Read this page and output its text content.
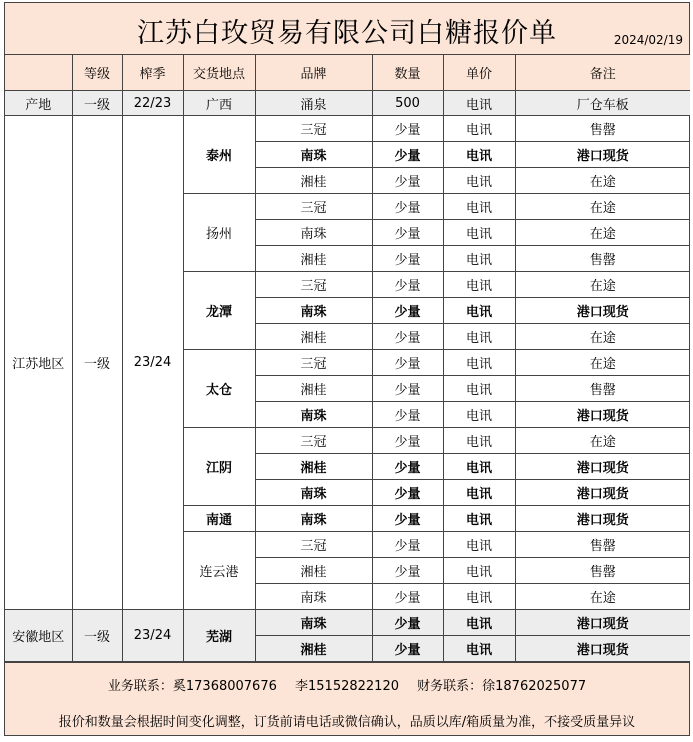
江苏白玫贸易有限公司白糖报价单	2024/02/19
	等级	榨季	交货地点	品牌	数量	单价	备注
产地	一级	22/23	广西	涌泉	500	电讯	厂仓车板
江苏地区	一级	23/24	泰州	三冠	少量	电讯	售罄
				南珠	少量	电讯	港口现货
				湘桂	少量	电讯	在途
			扬州	三冠	少量	电讯	在途
				南珠	少量	电讯	在途
				湘桂	少量	电讯	售罄
			龙潭	三冠	少量	电讯	在途
				南珠	少量	电讯	港口现货
				湘桂	少量	电讯	在途
			太仓	三冠	少量	电讯	在途
				湘桂	少量	电讯	售罄
				南珠	少量	电讯	港口现货
			江阴	三冠	少量	电讯	在途
				湘桂	少量	电讯	港口现货
				南珠	少量	电讯	港口现货
			南通	南珠	少量	电讯	港口现货
			连云港	三冠	少量	电讯	售罄
				湘桂	少量	电讯	售罄
				南珠	少量	电讯	在途
安徽地区	一级	23/24	芜湖	南珠	少量	电讯	港口现货
				湘桂	少量	电讯	港口现货
业务联系：奚17368007676 李15152822120 财务联系：徐18762025077
报价和数量会根据时间变化调整，订货前请电话或微信确认，品质以库/箱质量为准，不接受质量异议
